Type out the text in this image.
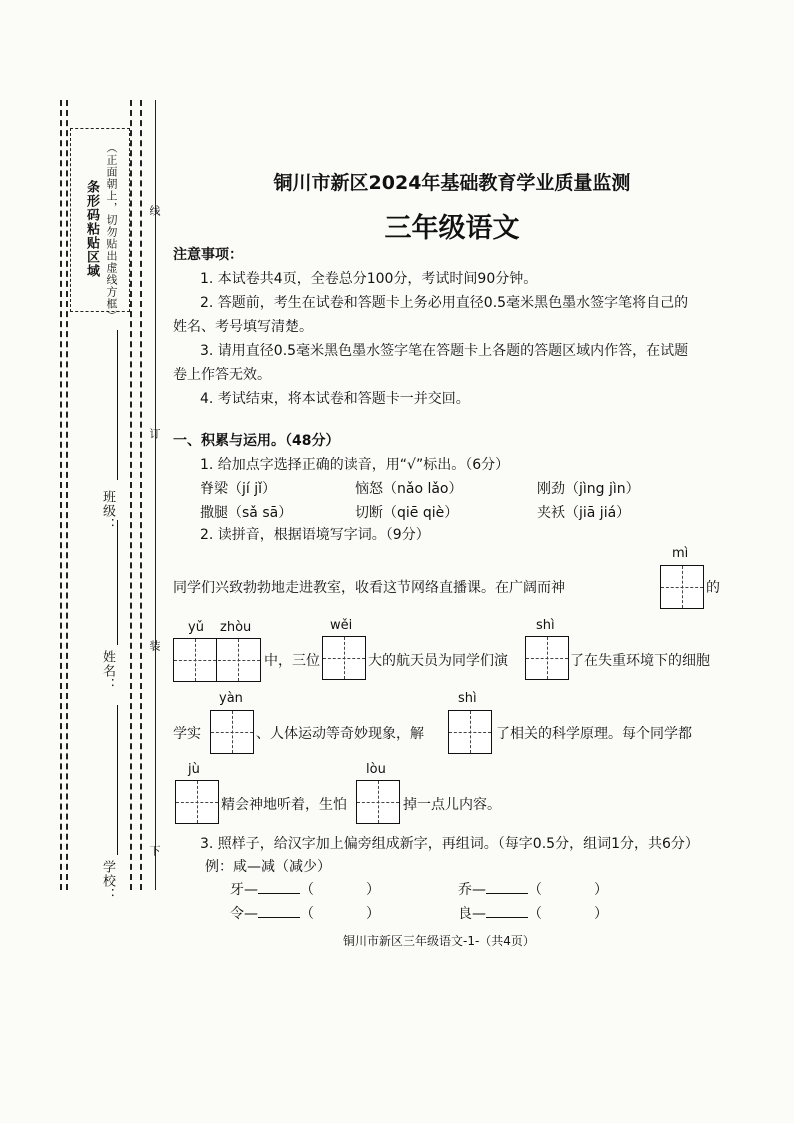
条形码粘贴区域 （正面朝上，切勿贴出虚线方框）	线
订
装
下
班级：
姓名：
学校：
铜川市新区2024年基础教育学业质量监测
三年级语文
注意事项：
1. 本试卷共4页，全卷总分100分，考试时间90分钟。
2. 答题前，考生在试卷和答题卡上务必用直径0.5毫米黑色墨水签字笔将自己的
姓名、考号填写清楚。
3. 请用直径0.5毫米黑色墨水签字笔在答题卡上各题的答题区域内作答，在试题
卷上作答无效。
4. 考试结束，将本试卷和答题卡一并交回。
一、积累与运用。（48分）
1. 给加点字选择正确的读音，用“√”标出。（6分）
脊梁（jí jǐ）	恼怒（nǎo lǎo）	刚劲（jìng jìn）
撒腿（sǎ sā）	切断（qiē qiè）	夹袄（jiā jiá）
2. 读拼音，根据语境写字词。（9分）
同学们兴致勃勃地走进教室，收看这节网络直播课。在广阔而神
mì
的
yǔ zhòu
中，三位
wěi
大的航天员为同学们演
shì
了在失重环境下的细胞
学实
yàn
、人体运动等奇妙现象，解
shì
了相关的科学原理。每个同学都
jù
精会神地听着，生怕
lòu
掉一点儿内容。
3. 照样子，给汉字加上偏旁组成新字，再组词。（每字0.5分，组词1分，共6分）
例：咸—减（减少）
牙—	（	）	乔—	（	）
令—	（	）	良—	（	）
铜川市新区三年级语文-1-（共4页）
